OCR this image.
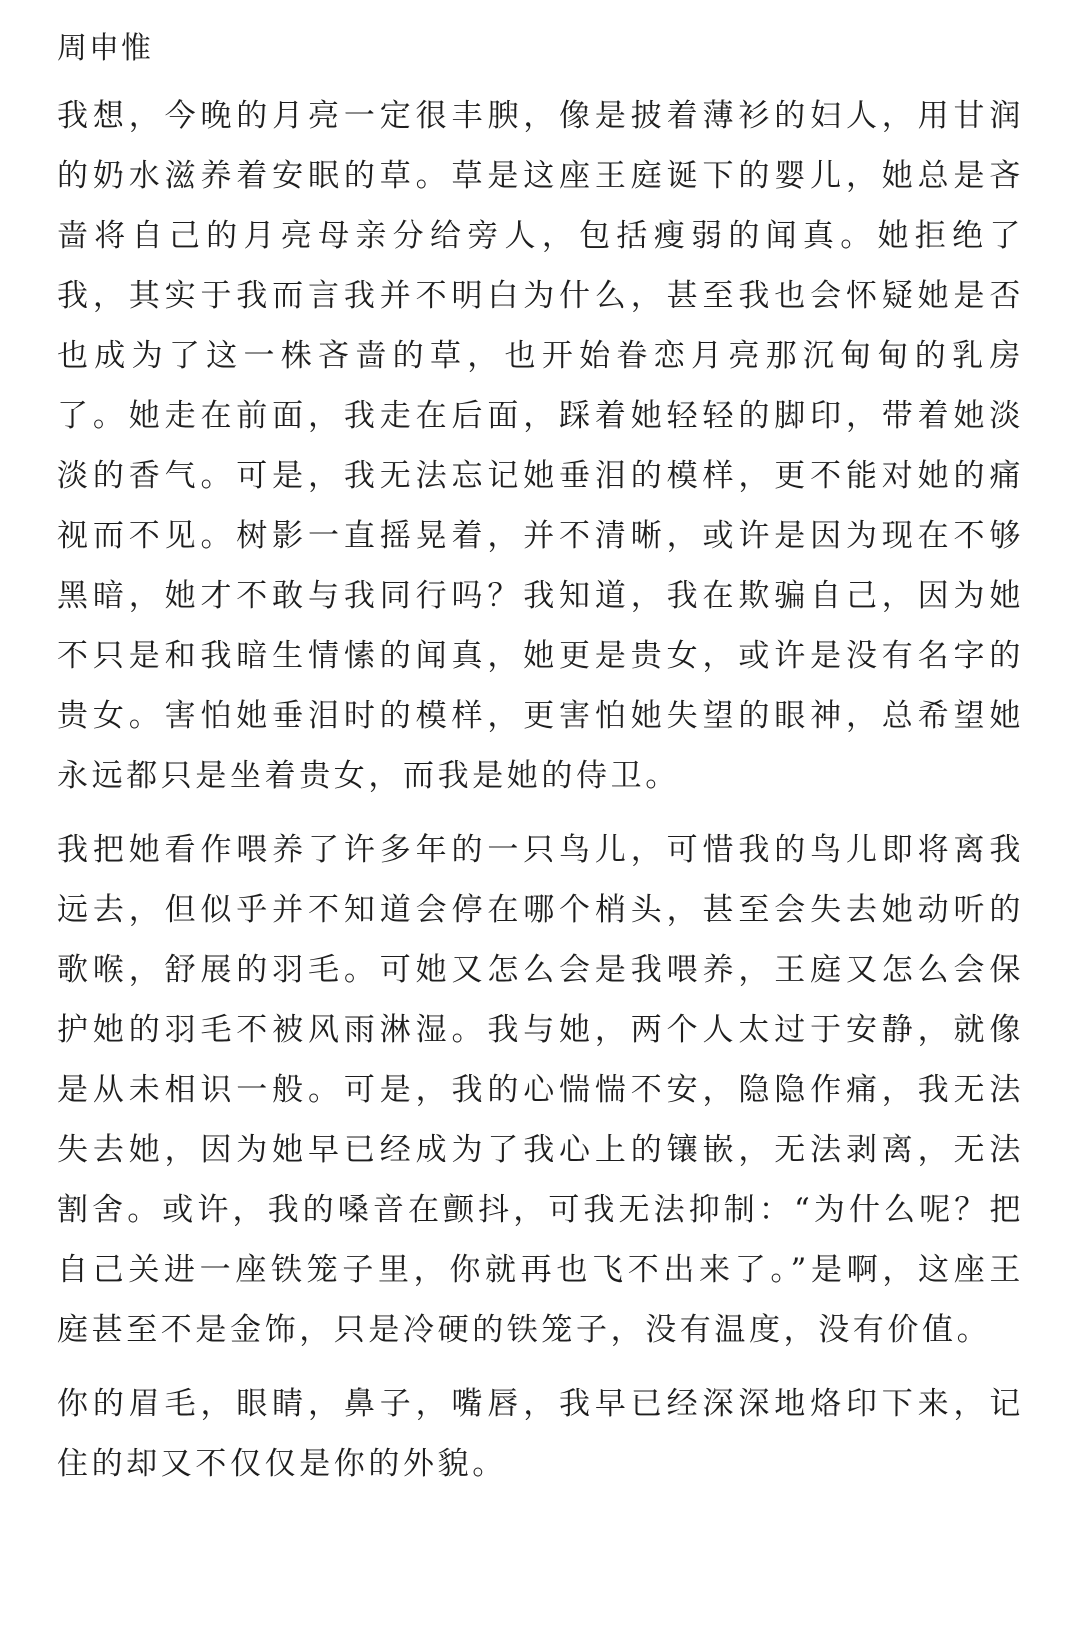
周申惟

我想，今晚的月亮一定很丰腴，像是披着薄衫的妇人，用甘润的奶水滋养着安眠的草。草是这座王庭诞下的婴儿，她总是吝啬将自己的月亮母亲分给旁人，包括瘦弱的闻真。她拒绝了我，其实于我而言我并不明白为什么，甚至我也会怀疑她是否也成为了这一株吝啬的草，也开始眷恋月亮那沉甸甸的乳房了。她走在前面，我走在后面，踩着她轻轻的脚印，带着她淡淡的香气。可是，我无法忘记她垂泪的模样，更不能对她的痛视而不见。树影一直摇晃着，并不清晰，或许是因为现在不够黑暗，她才不敢与我同行吗？我知道，我在欺骗自己，因为她不只是和我暗生情愫的闻真，她更是贵女，或许是没有名字的贵女。害怕她垂泪时的模样，更害怕她失望的眼神，总希望她永远都只是坐着贵女，而我是她的侍卫。

我把她看作喂养了许多年的一只鸟儿，可惜我的鸟儿即将离我远去，但似乎并不知道会停在哪个梢头，甚至会失去她动听的歌喉，舒展的羽毛。可她又怎么会是我喂养，王庭又怎么会保护她的羽毛不被风雨淋湿。我与她，两个人太过于安静，就像是从未相识一般。可是，我的心惴惴不安，隐隐作痛，我无法失去她，因为她早已经成为了我心上的镶嵌，无法剥离，无法割舍。或许，我的嗓音在颤抖，可我无法抑制：“为什么呢？把自己关进一座铁笼子里，你就再也飞不出来了。”是啊，这座王庭甚至不是金饰，只是冷硬的铁笼子，没有温度，没有价值。

你的眉毛，眼睛，鼻子，嘴唇，我早已经深深地烙印下来，记住的却又不仅仅是你的外貌。
